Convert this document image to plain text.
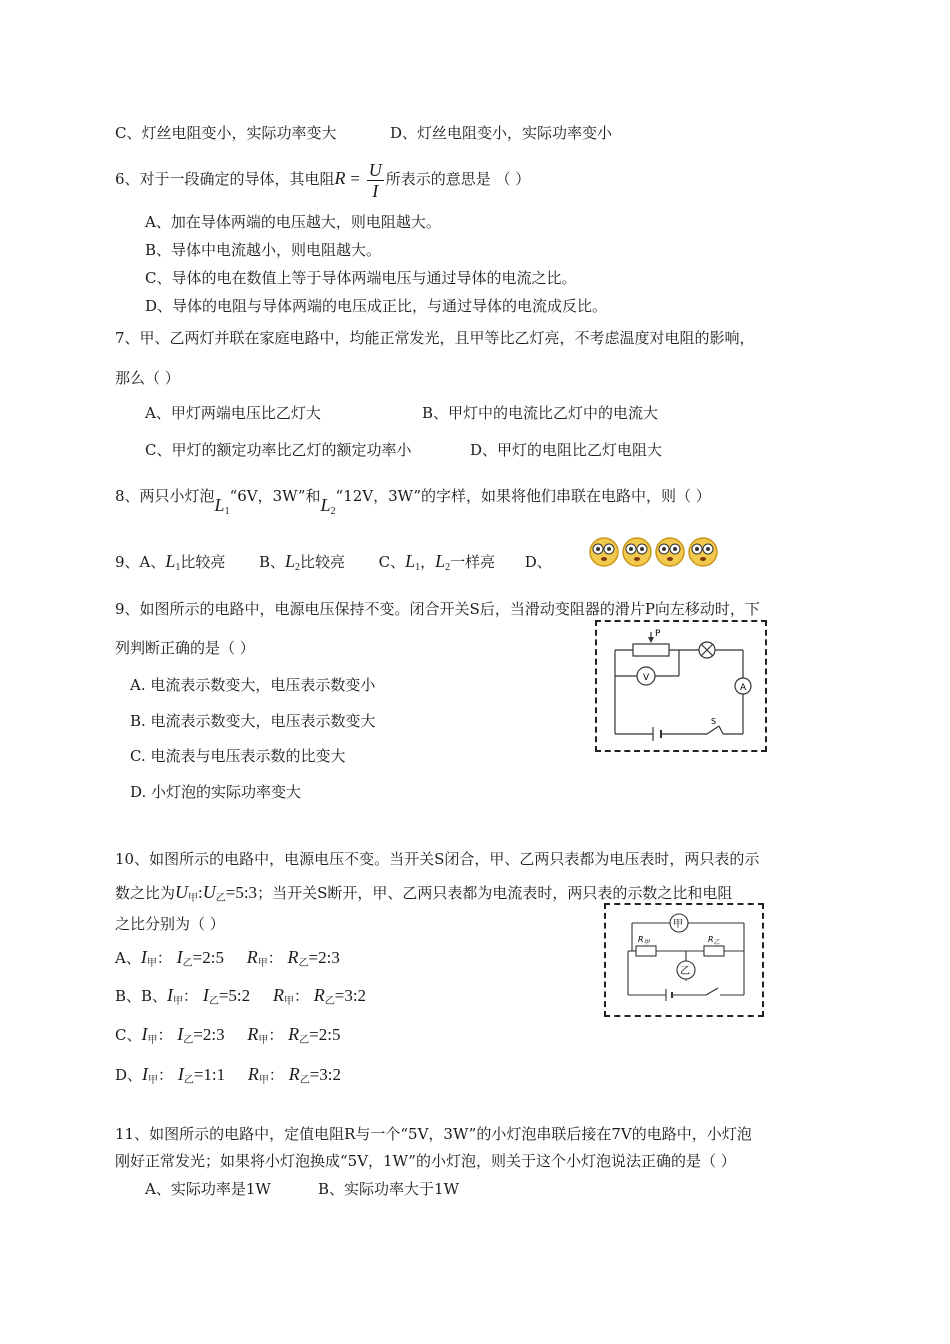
C、灯丝电阻变小，实际功率变大	D、灯丝电阻变小，实际功率变小
6、对于一段确定的导体，其电阻$R = \frac{U}{I}$ 所表示的意思是 （ ）
A、加在导体两端的电压越大，则电阻越大。
B、导体中电流越小，则电阻越大。
C、导体的电在数值上等于导体两端电压与通过导体的电流之比。
D、导体的电阻与导体两端的电压成正比，与通过导体的电流成反比。
7、甲、乙两灯并联在家庭电路中，均能正常发光，且甲等比乙灯亮，不考虑温度对电阻的影响，
那么（ ）
A、甲灯两端电压比乙灯大	B、甲灯中的电流比乙灯中的电流大
C、甲灯的额定功率比乙灯的额定功率小	D、甲灯的电阻比乙灯电阻大
8、两只小灯泡$L_1“6V$，3W”和$L_2“12V$，3W”的字样，如果将他们串联在电路中，则（ ）
9、A、$L_1$比较亮 B、$L_2$比较亮 C、$L_1$，$L_2$一样亮 D、
9、如图所示的电路中，电源电压保持不变。闭合开关S后，当滑动变阻器的滑片P向左移动时，下
列判断正确的是（ ）
A. 电流表示数变大，电压表示数变小
B. 电流表示数变大，电压表示数变大
C. 电流表与电压表示数的比变大
D. 小灯泡的实际功率变大
P
V
A
S
10、如图所示的电路中，电源电压不变。当开关S闭合，甲、乙两只表都为电压表时，两只表的示
数之比为$U_甲:U_乙=5:3$；当开关S断开，甲、乙两只表都为电流表时，两只表的示数之比和电阻
之比分别为（ ）
A、$I_甲$： $I_乙=2:5$ $R_甲$： $R_乙=2:3$
B、B、$I_甲$： $I_乙=5:2$ $R_甲$： $R_乙=3:2$
C、$I_甲$： $I_乙=2:3$ $R_甲$： $R_乙=2:5$
D、$I_甲$： $I_乙=1:1$ $R_甲$： $R_乙=3:2$
甲
乙
$R_甲$	$R_乙$
11、如图所示的电路中，定值电阻R与一个“5V，3W”的小灯泡串联后接在7V的电路中，小灯泡
刚好正常发光；如果将小灯泡换成“5V，1W”的小灯泡，则关于这个小灯泡说法正确的是（ ）
A、实际功率是1W	B、实际功率大于1W
